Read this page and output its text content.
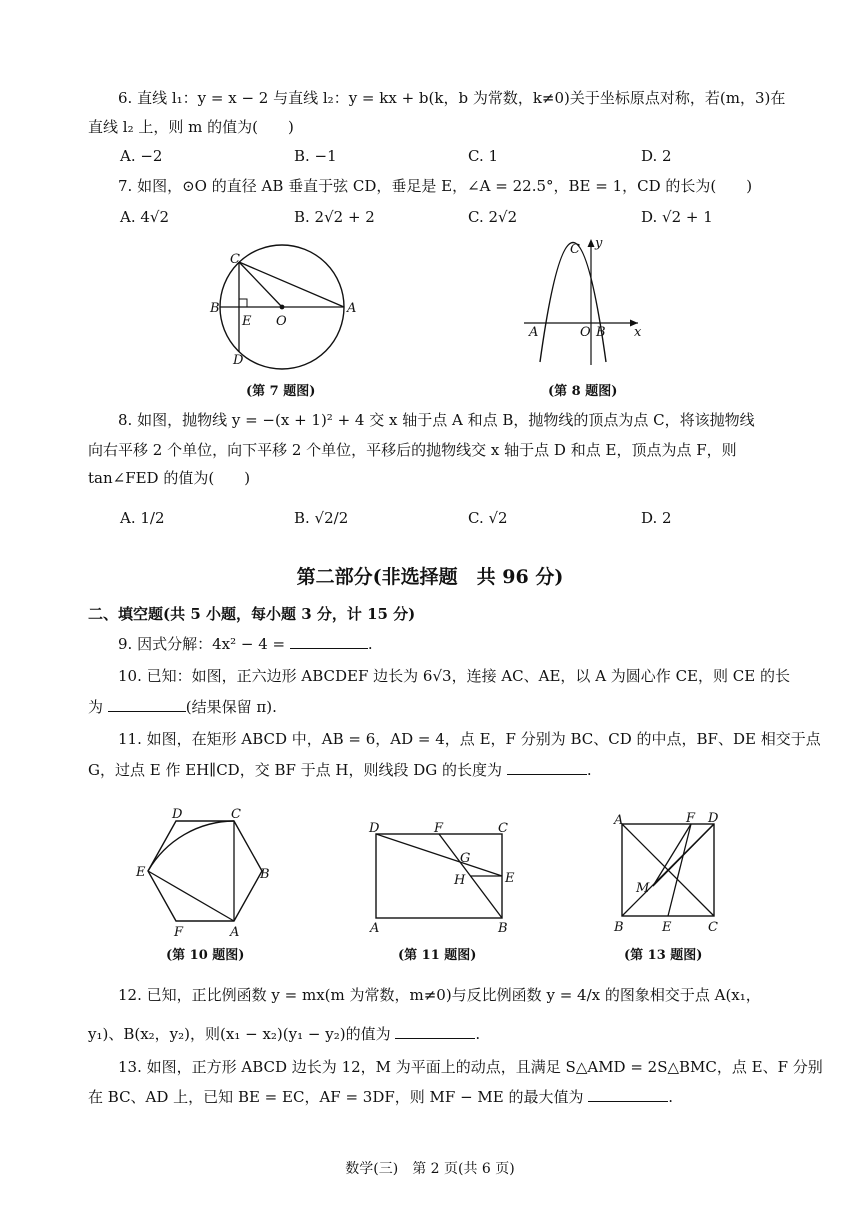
6. 直线 l₁：y = x − 2 与直线 l₂：y = kx + b(k，b 为常数，k≠0)关于坐标原点对称，若(m，3)在
直线 l₂ 上，则 m 的值为(　　)
A. −2	B. −1	C. 1	D. 2
7. 如图，⊙O 的直径 AB 垂直于弦 CD，垂足是 E，∠A = 22.5°，BE = 1，CD 的长为(　　)
A. 4√2	B. 2√2 + 2	C. 2√2	D. √2 + 1
C
B
E O
A
D
(第 7 题图)
C y
A	O B x
(第 8 题图)
8. 如图，抛物线 y = −(x + 1)² + 4 交 x 轴于点 A 和点 B，抛物线的顶点为点 C，将该抛物线
向右平移 2 个单位，向下平移 2 个单位，平移后的抛物线交 x 轴于点 D 和点 E，顶点为点 F，则
tan∠FED 的值为(　　)
A. 1/2	B. √2/2	C. √2	D. 2
第二部分(非选择题　共 96 分)
二、填空题(共 5 小题，每小题 3 分，计 15 分)
9. 因式分解：4x² − 4 =	.
10. 已知：如图，正六边形 ABCDEF 边长为 6√3，连接 AC、AE，以 A 为圆心作 CE，则 CE 的长
为	(结果保留 π).
11. 如图，在矩形 ABCD 中，AB = 6，AD = 4，点 E，F 分别为 BC、CD 的中点，BF、DE 相交于点
G，过点 E 作 EH∥CD，交 BF 于点 H，则线段 DG 的长度为	.
D	C
E	B
F	A
(第 10 题图)
D	F	C
G
H	E
A	B
(第 11 题图)
A	F D
M
B	E	C
(第 13 题图)
12. 已知，正比例函数 y = mx(m 为常数，m≠0)与反比例函数 y = 4/x 的图象相交于点 A(x₁，
y₁)、B(x₂，y₂)，则(x₁ − x₂)(y₁ − y₂)的值为	.
13. 如图，正方形 ABCD 边长为 12，M 为平面上的动点，且满足 S△AMD = 2S△BMC，点 E、F 分别
在 BC、AD 上，已知 BE = EC，AF = 3DF，则 MF − ME 的最大值为	.
数学(三)　第 2 页(共 6 页)
